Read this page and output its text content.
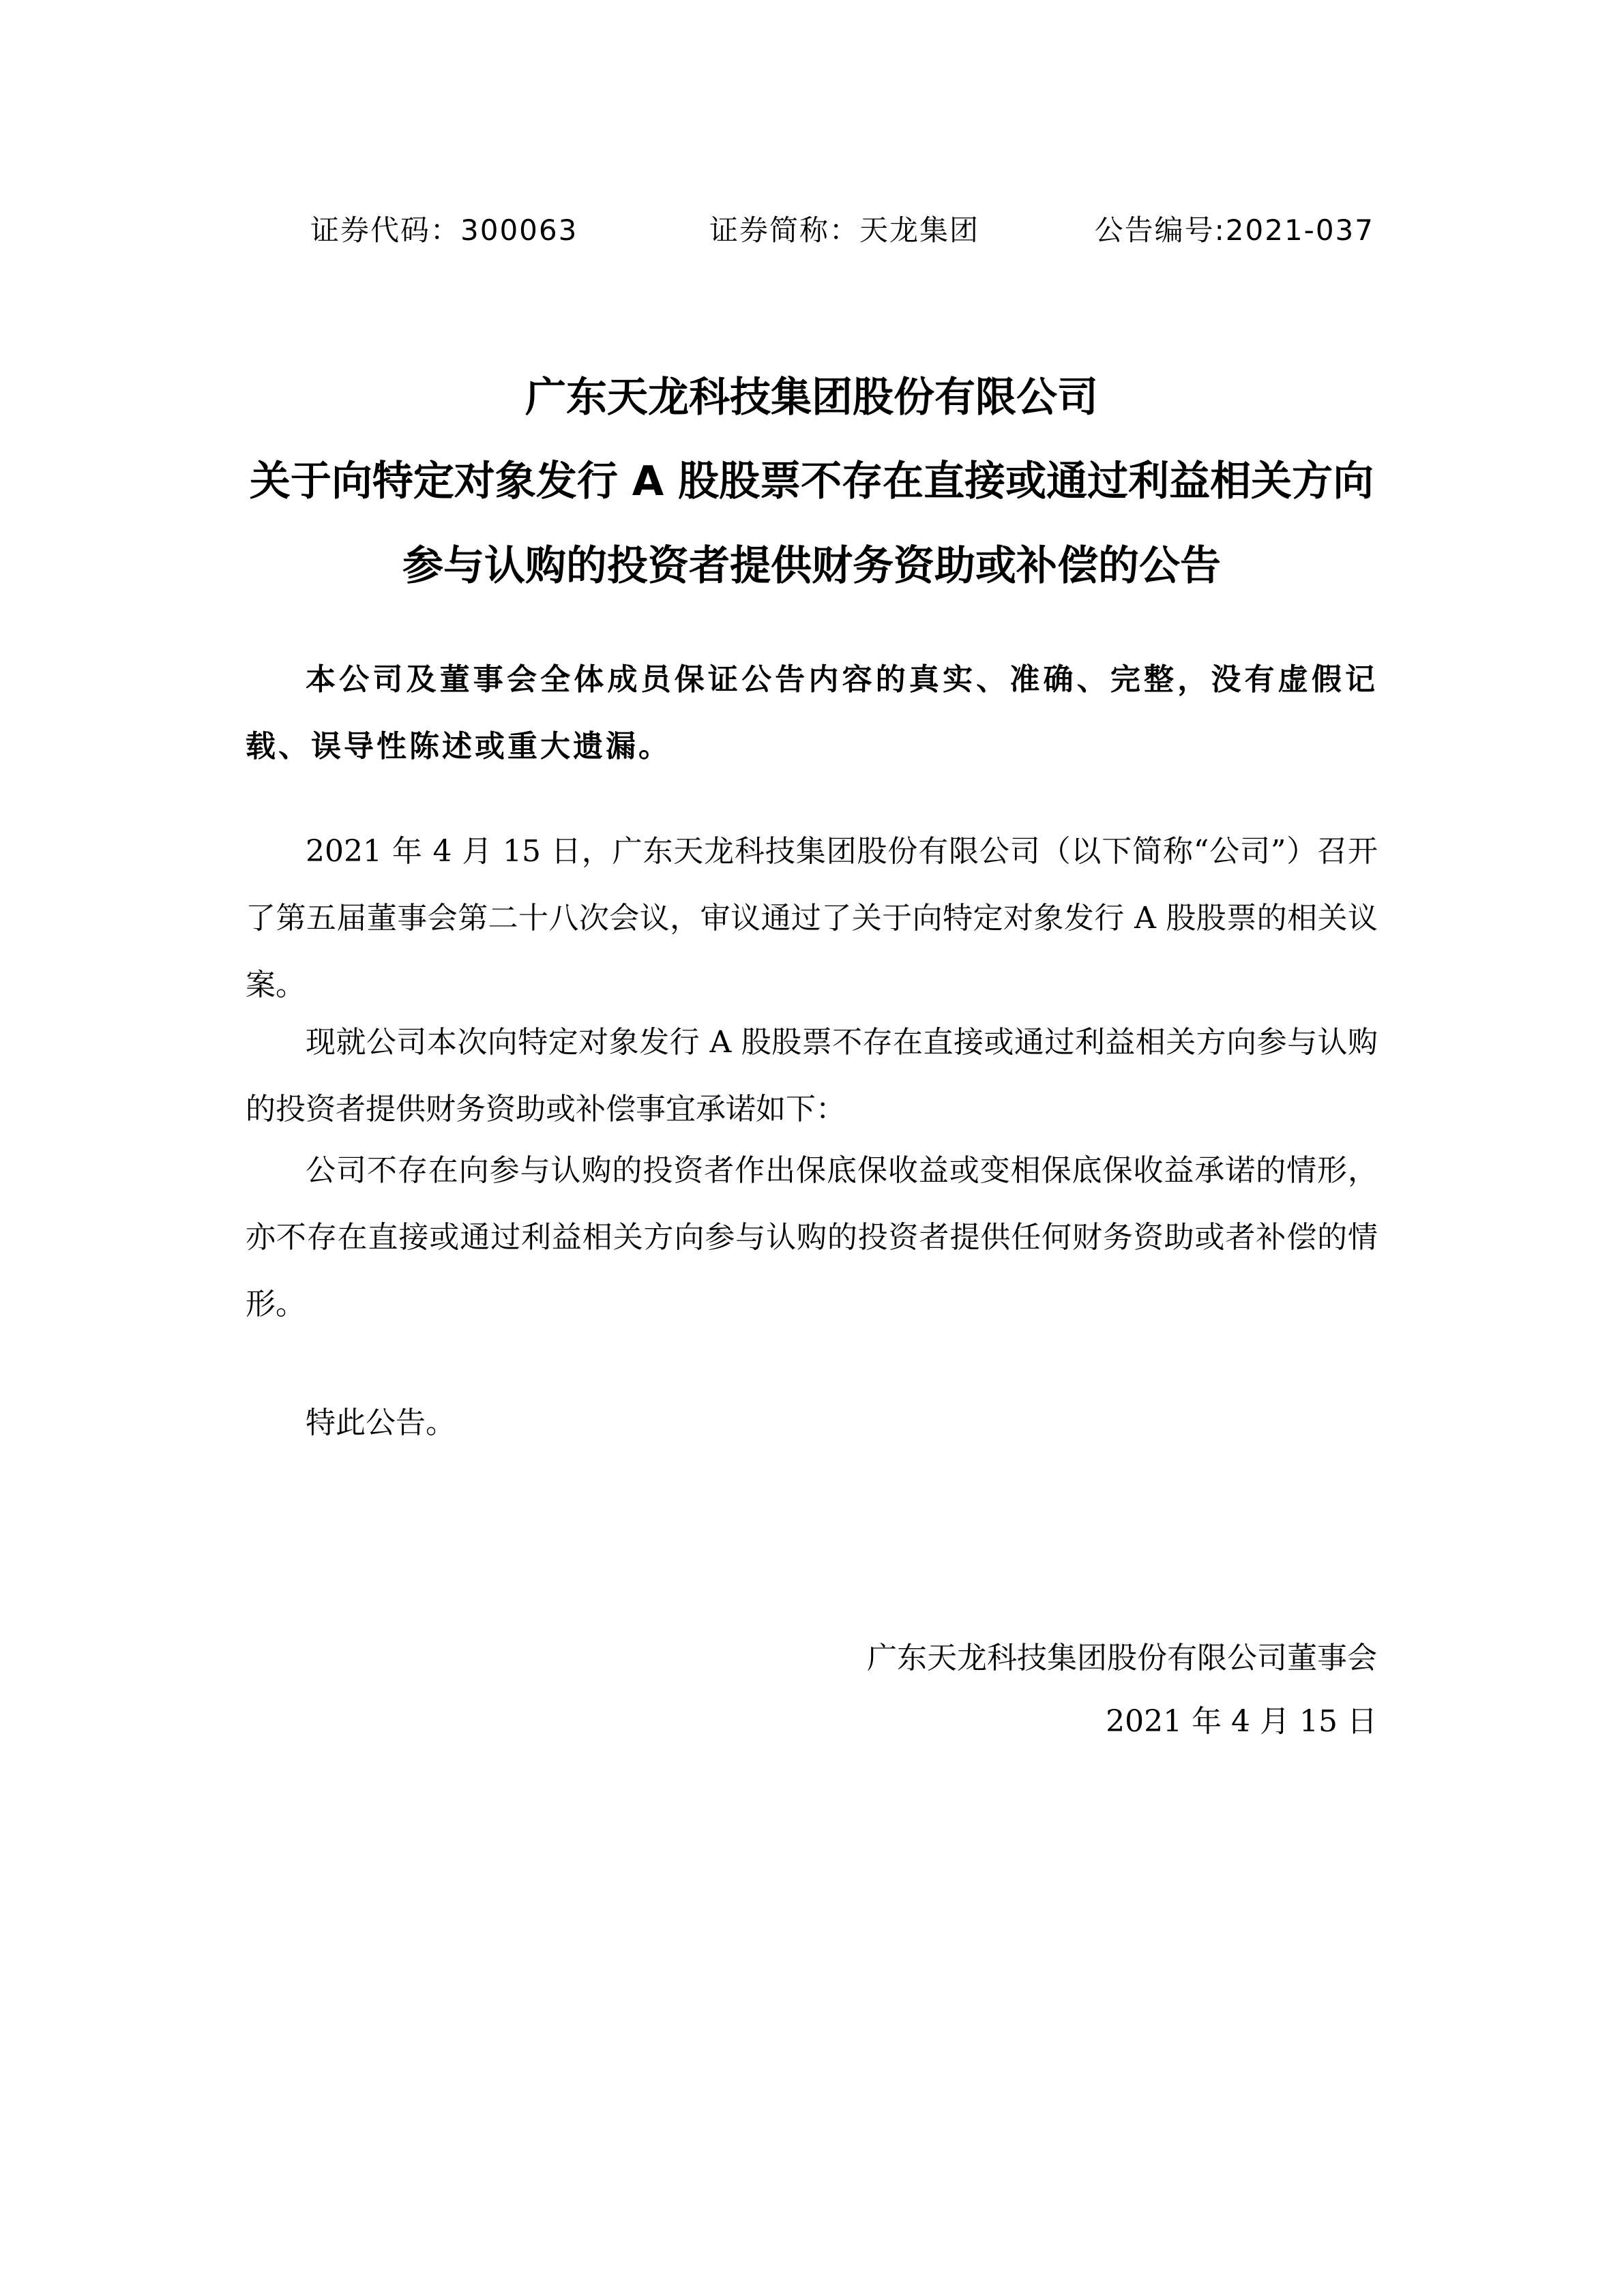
证券代码：300063	证券简称：天龙集团	公告编号:2021-037
广东天龙科技集团股份有限公司
关于向特定对象发行 A 股股票不存在直接或通过利益相关方向
参与认购的投资者提供财务资助或补偿的公告
本公司及董事会全体成员保证公告内容的真实、准确、完整，没有虚假记载、误导性陈述或重大遗漏。
2021 年 4 月 15 日，广东天龙科技集团股份有限公司（以下简称“公司”）召开了第五届董事会第二十八次会议，审议通过了关于向特定对象发行 A 股股票的相关议案。
现就公司本次向特定对象发行 A 股股票不存在直接或通过利益相关方向参与认购的投资者提供财务资助或补偿事宜承诺如下：
公司不存在向参与认购的投资者作出保底保收益或变相保底保收益承诺的情形，亦不存在直接或通过利益相关方向参与认购的投资者提供任何财务资助或者补偿的情形。
特此公告。
广东天龙科技集团股份有限公司董事会
2021 年 4 月 15 日
